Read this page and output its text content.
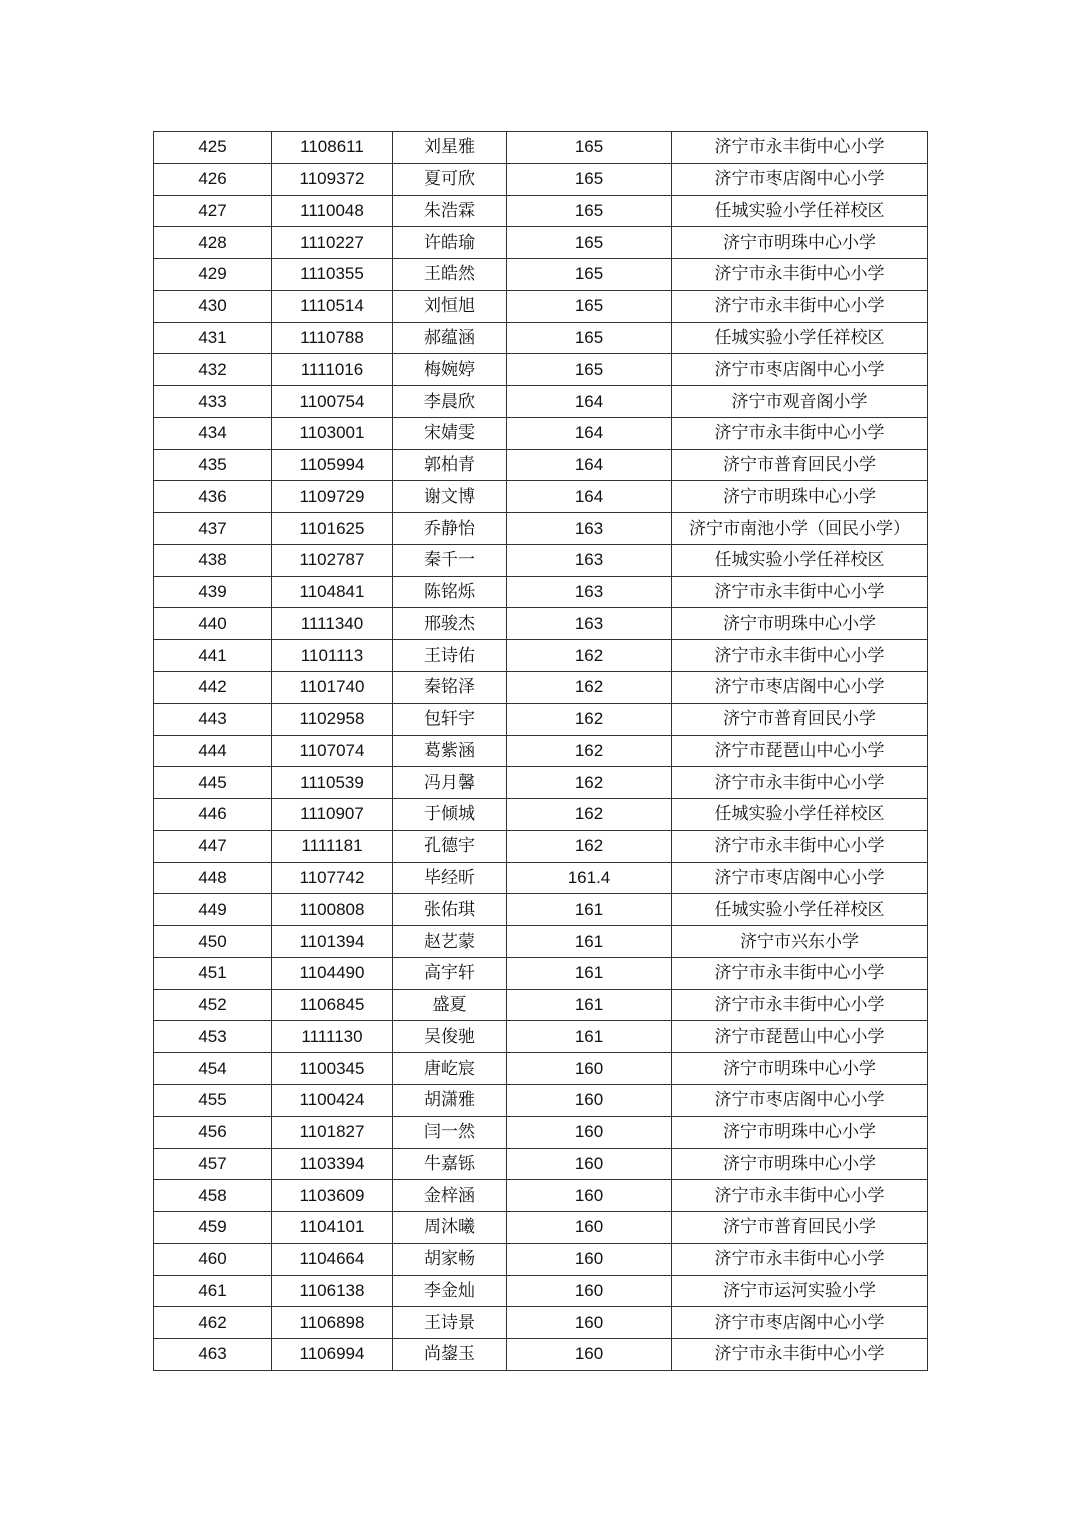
425	1108611	刘星雅	165	济宁市永丰街中心小学
426	1109372	夏可欣	165	济宁市枣店阁中心小学
427	1110048	朱浩霖	165	任城实验小学任祥校区
428	1110227	许皓瑜	165	济宁市明珠中心小学
429	1110355	王皓然	165	济宁市永丰街中心小学
430	1110514	刘恒旭	165	济宁市永丰街中心小学
431	1110788	郝蕴涵	165	任城实验小学任祥校区
432	1111016	梅婉婷	165	济宁市枣店阁中心小学
433	1100754	李晨欣	164	济宁市观音阁小学
434	1103001	宋婧雯	164	济宁市永丰街中心小学
435	1105994	郭柏青	164	济宁市普育回民小学
436	1109729	谢文博	164	济宁市明珠中心小学
437	1101625	乔静怡	163	济宁市南池小学（回民小学）
438	1102787	秦千一	163	任城实验小学任祥校区
439	1104841	陈铭烁	163	济宁市永丰街中心小学
440	1111340	邢骏杰	163	济宁市明珠中心小学
441	1101113	王诗佑	162	济宁市永丰街中心小学
442	1101740	秦铭泽	162	济宁市枣店阁中心小学
443	1102958	包轩宇	162	济宁市普育回民小学
444	1107074	葛紫涵	162	济宁市琵琶山中心小学
445	1110539	冯月馨	162	济宁市永丰街中心小学
446	1110907	于倾城	162	任城实验小学任祥校区
447	1111181	孔德宇	162	济宁市永丰街中心小学
448	1107742	毕经昕	161.4	济宁市枣店阁中心小学
449	1100808	张佑琪	161	任城实验小学任祥校区
450	1101394	赵艺蒙	161	济宁市兴东小学
451	1104490	高宇轩	161	济宁市永丰街中心小学
452	1106845	盛夏	161	济宁市永丰街中心小学
453	1111130	吴俊驰	161	济宁市琵琶山中心小学
454	1100345	唐屹宸	160	济宁市明珠中心小学
455	1100424	胡潇雅	160	济宁市枣店阁中心小学
456	1101827	闫一然	160	济宁市明珠中心小学
457	1103394	牛嘉铄	160	济宁市明珠中心小学
458	1103609	金梓涵	160	济宁市永丰街中心小学
459	1104101	周沐曦	160	济宁市普育回民小学
460	1104664	胡家畅	160	济宁市永丰街中心小学
461	1106138	李金灿	160	济宁市运河实验小学
462	1106898	王诗景	160	济宁市枣店阁中心小学
463	1106994	尚鋆玉	160	济宁市永丰街中心小学
